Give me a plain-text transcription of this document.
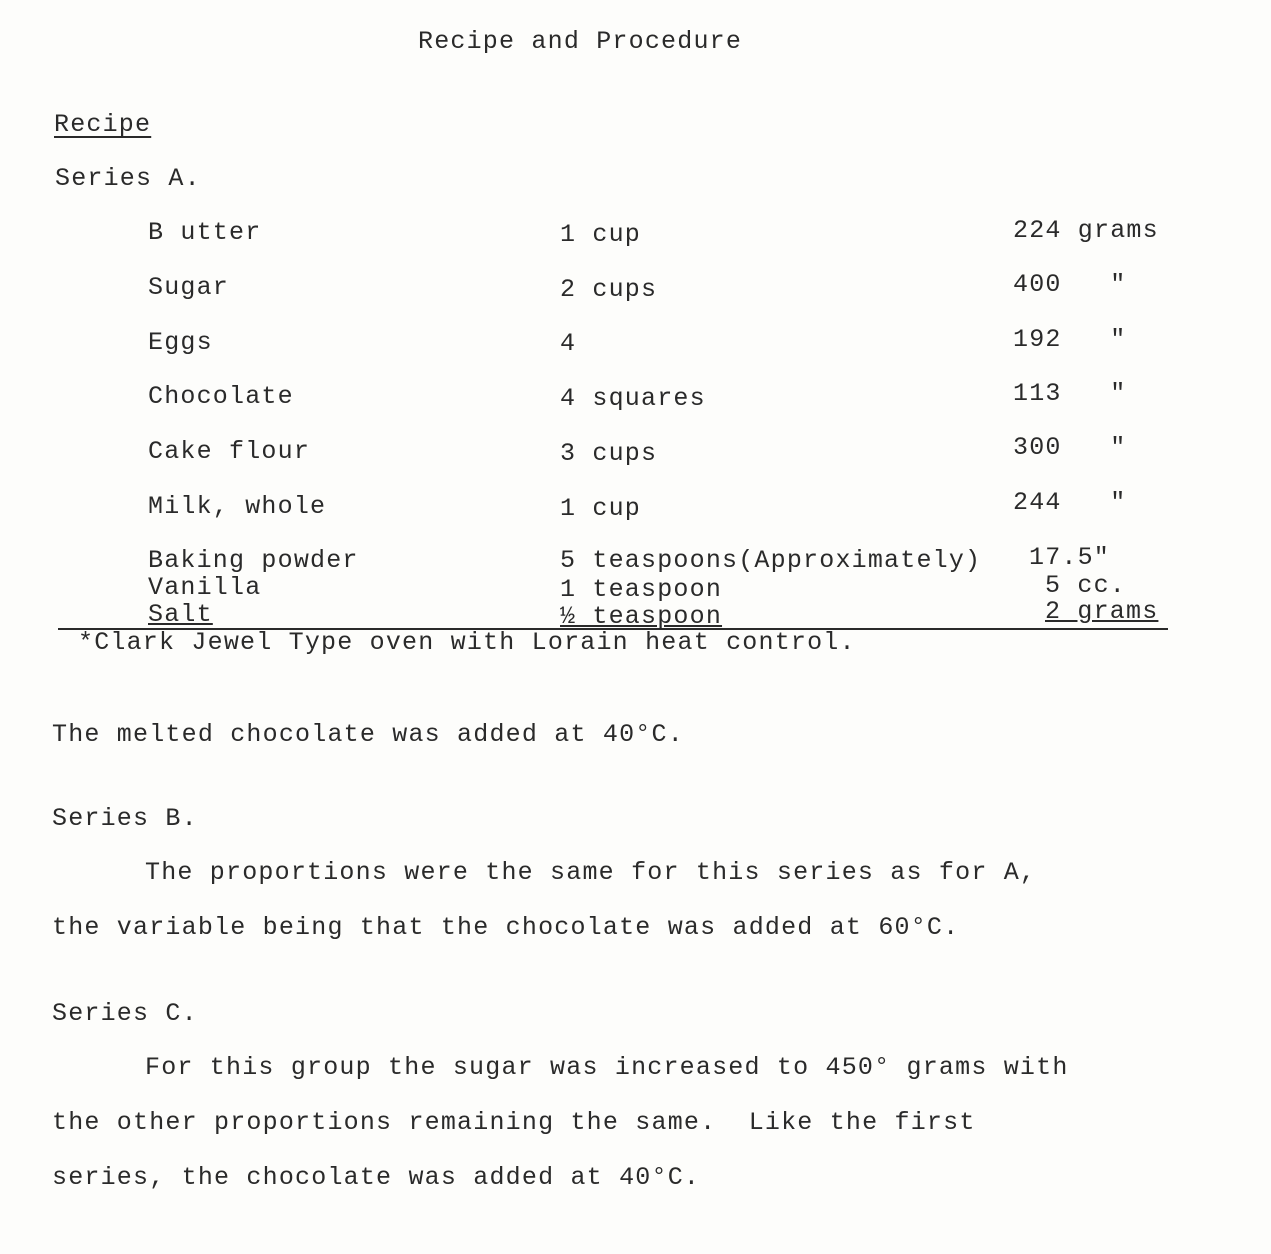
Recipe and Procedure
Recipe
Series A.
B utter	1 cup	224 grams
Sugar	2 cups	400   "
Eggs	4	192   "
Chocolate	4 squares	113   "
Cake flour	3 cups	300   "
Milk, whole	1 cup	244   "
Baking powder	5 teaspoons(Approximately) 17.5"
Vanilla	1 teaspoon	5 cc.
Salt	½ teaspoon	2 grams
*Clark Jewel Type oven with Lorain heat control.
The melted chocolate was added at 40°C.
Series B.
The proportions were the same for this series as for A,
the variable being that the chocolate was added at 60°C.
Series C.
For this group the sugar was increased to 450° grams with
the other proportions remaining the same.  Like the first
series, the chocolate was added at 40°C.
